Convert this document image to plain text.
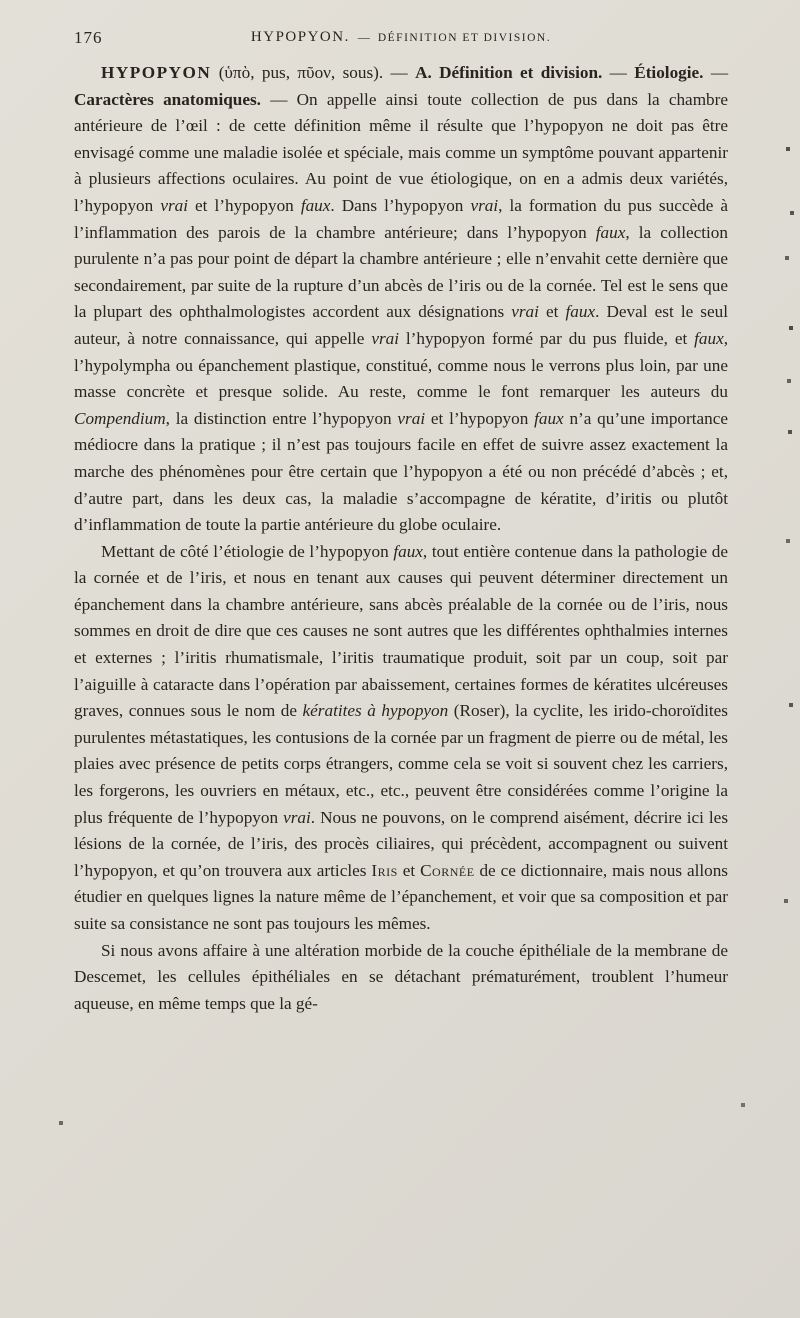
176	HYPOPYON. — DÉFINITION ET DIVISION.

HYPOPYON (ὑπὸ, pus, πῦον, sous). — A. Définition et division. — Étiologie. — Caractères anatomiques. — On appelle ainsi toute collection de pus dans la chambre antérieure de l’œil : de cette définition même il résulte que l’hypopyon ne doit pas être envisagé comme une maladie isolée et spéciale, mais comme un symptôme pouvant appartenir à plusieurs affections oculaires. Au point de vue étiologique, on en a admis deux variétés, l’hypopyon vrai et l’hypopyon faux. Dans l’hypopyon vrai, la formation du pus succède à l’inflammation des parois de la chambre antérieure; dans l’hypopyon faux, la collection purulente n’a pas pour point de départ la chambre antérieure ; elle n’envahit cette dernière que secondairement, par suite de la rupture d’un abcès de l’iris ou de la cornée. Tel est le sens que la plupart des ophthalmologistes accordent aux désignations vrai et faux. Deval est le seul auteur, à notre connaissance, qui appelle vrai l’hypopyon formé par du pus fluide, et faux, l’hypolympha ou épanchement plastique, constitué, comme nous le verrons plus loin, par une masse concrète et presque solide. Au reste, comme le font remarquer les auteurs du Compendium, la distinction entre l’hypopyon vrai et l’hypopyon faux n’a qu’une importance médiocre dans la pratique ; il n’est pas toujours facile en effet de suivre assez exactement la marche des phénomènes pour être certain que l’hypopyon a été ou non précédé d’abcès ; et, d’autre part, dans les deux cas, la maladie s’accompagne de kératite, d’iritis ou plutôt d’inflammation de toute la partie antérieure du globe oculaire.

Mettant de côté l’étiologie de l’hypopyon faux, tout entière contenue dans la pathologie de la cornée et de l’iris, et nous en tenant aux causes qui peuvent déterminer directement un épanchement dans la chambre antérieure, sans abcès préalable de la cornée ou de l’iris, nous sommes en droit de dire que ces causes ne sont autres que les différentes ophthalmies internes et externes ; l’iritis rhumatismale, l’iritis traumatique produit, soit par un coup, soit par l’aiguille à cataracte dans l’opération par abaissement, certaines formes de kératites ulcéreuses graves, connues sous le nom de kératites à hypopyon (Roser), la cyclite, les irido-choroïdites purulentes métastatiques, les contusions de la cornée par un fragment de pierre ou de métal, les plaies avec présence de petits corps étrangers, comme cela se voit si souvent chez les carriers, les forgerons, les ouvriers en métaux, etc., etc., peuvent être considérées comme l’origine la plus fréquente de l’hypopyon vrai. Nous ne pouvons, on le comprend aisément, décrire ici les lésions de la cornée, de l’iris, des procès ciliaires, qui précèdent, accompagnent ou suivent l’hypopyon, et qu’on trouvera aux articles Iris et Cornée de ce dictionnaire, mais nous allons étudier en quelques lignes la nature même de l’épanchement, et voir que sa composition et par suite sa consistance ne sont pas toujours les mêmes.

Si nous avons affaire à une altération morbide de la couche épithéliale de la membrane de Descemet, les cellules épithéliales en se détachant prématurément, troublent l’humeur aqueuse, en même temps que la gé-
